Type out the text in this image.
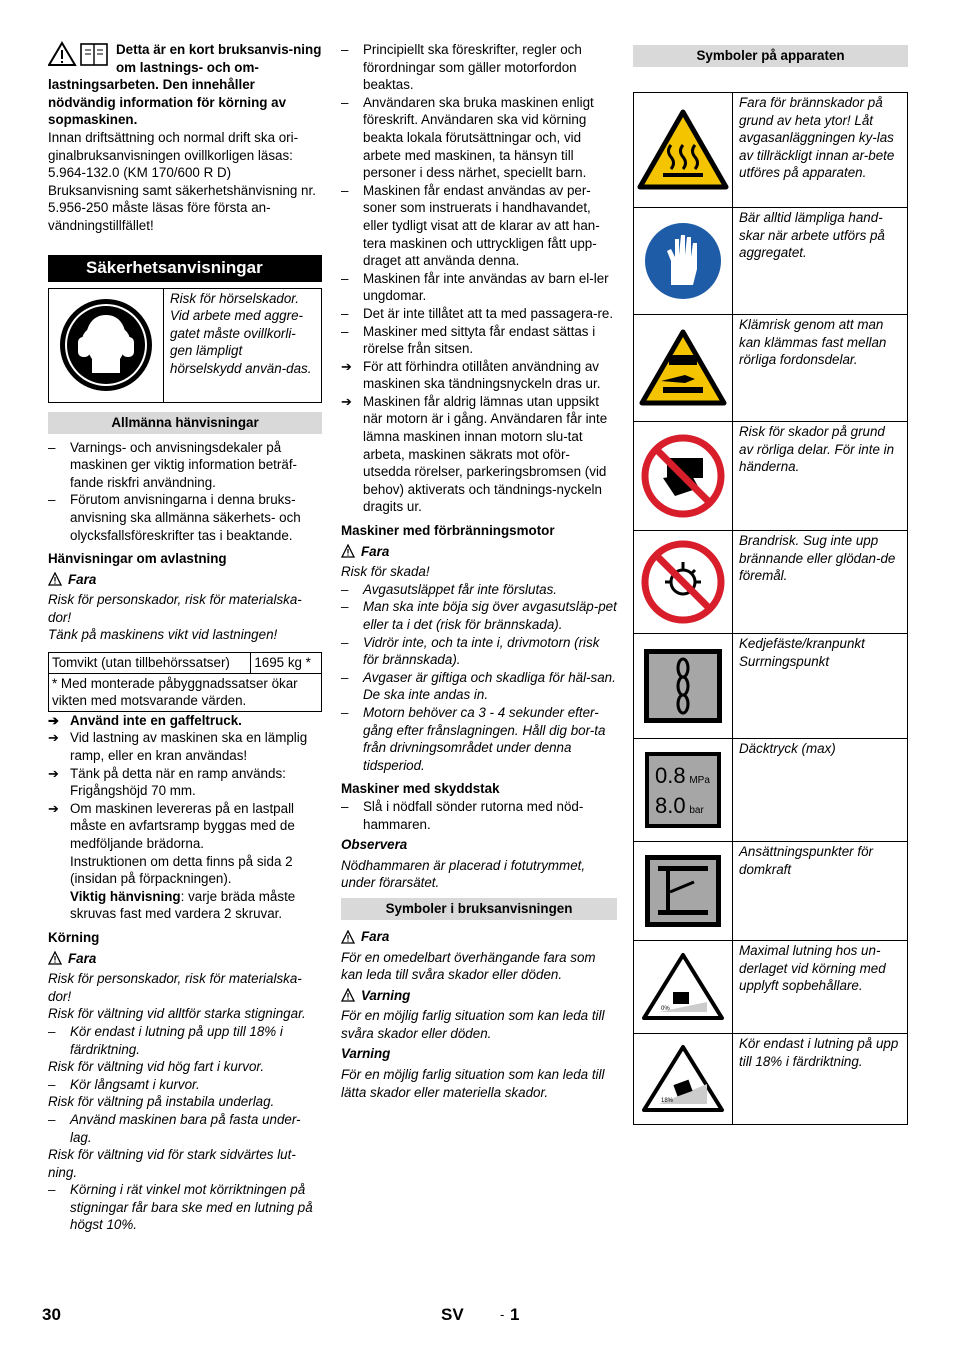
Detta är en kort bruksanvis-ning om lastnings- och om-lastningsarbeten. Den innehåller nödvändig information för körning av sopmaskinen.

Innan driftsättning och normal drift ska ori-ginalbruksanvisningen ovillkorligen läsas: 5.964-132.0 (KM 170/600 R D)

Bruksanvisning samt säkerhetshänvisning nr. 5.956-250 måste läsas före första an-vändningstillfället!

Säkerhetsanvisningar
Risk för hörselskador. Vid arbete med aggre-gatet måste ovillkorli-gen lämpligt hörselskydd använ-das.
Allmänna hänvisningar
– Varnings- och anvisningsdekaler på maskinen ger viktig information beträf-fande riskfri användning.
– Förutom anvisningarna i denna bruks-anvisning ska allmänna säkerhets- och olycksfallsföreskrifter tas i beaktande.

Hänvisningar om avlastning

Fara

Risk för personskador, risk för materialska-dor!

Tänk på maskinens vikt vid lastningen!

Tomvikt (utan tillbehörssatser)	1695 kg *
* Med monterade påbyggnadssatser ökar vikten med motsvarande värden.
➔ Använd inte en gaffeltruck.
➔ Vid lastning av maskinen ska en lämplig ramp, eller en kran användas!
➔ Tänk på detta när en ramp används: Frigångshöjd 70 mm.
➔ Om maskinen levereras på en lastpall måste en avfartsramp byggas med de medföljande brädorna.

Instruktionen om detta finns på sida 2 (insidan på förpackningen).

Viktig hänvisning: varje bräda måste skruvas fast med vardera 2 skruvar.

Körning

Fara

Risk för personskador, risk för materialska-dor!

Risk för vältning vid alltför starka stigningar.

– Kör endast i lutning på upp till 18% i färdriktning.

Risk för vältning vid hög fart i kurvor.

– Kör långsamt i kurvor.

Risk för vältning på instabila underlag.

– Använd maskinen bara på fasta under-lag.

Risk för vältning vid för stark sidvärtes lut-ning.

– Körning i rät vinkel mot körriktningen på stigningar får bara ske med en lutning på högst 10%.
– Principiellt ska föreskrifter, regler och förordningar som gäller motorfordon beaktas.
– Användaren ska bruka maskinen enligt föreskrift. Användaren ska vid körning beakta lokala förutsättningar och, vid arbete med maskinen, ta hänsyn till personer i dess närhet, speciellt barn.
– Maskinen får endast användas av per-soner som instruerats i handhavandet, eller tydligt visat att de klarar av att han-tera maskinen och uttryckligen fått upp-draget att använda denna.
– Maskinen får inte användas av barn el-ler ungdomar.
– Det är inte tillåtet att ta med passagera-re.
– Maskiner med sittyta får endast sättas i rörelse från sitsen.
➔ För att förhindra otillåten användning av maskinen ska tändningsnyckeln dras ur.
➔ Maskinen får aldrig lämnas utan uppsikt när motorn är i gång. Användaren får inte lämna maskinen innan motorn slu-tat arbeta, maskinen säkrats mot oför-utsedda rörelser, parkeringsbromsen (vid behov) aktiverats och tändnings-nyckeln dragits ur.

Maskiner med förbränningsmotor

Fara

Risk för skada!

– Avgasutsläppet får inte förslutas.
– Man ska inte böja sig över avgasutsläp-pet eller ta i det (risk för brännskada).
– Vidrör inte, och ta inte i, drivmotorn (risk för brännskada).
– Avgaser är giftiga och skadliga för häl-san. De ska inte andas in.
– Motorn behöver ca 3 - 4 sekunder efter-gång efter frånslagningen. Håll dig bor-ta från drivningsområdet under denna tidsperiod.

Maskiner med skyddstak

– Slå i nödfall sönder rutorna med nöd-hammaren.

Observera

Nödhammaren är placerad i fotutrymmet, under förarsätet.

Symboler i bruksanvisningen
Fara

För en omedelbart överhängande fara som kan leda till svåra skador eller döden.

Varning

För en möjlig farlig situation som kan leda till svåra skador eller döden.

Varning

För en möjlig farlig situation som kan leda till lätta skador eller materiella skador.

Symboler på apparaten
Fara för brännskador på grund av heta ytor! Låt avgasanläggningen ky-las av tillräckligt innan ar-bete utföres på apparaten.
Bär alltid lämpliga hand-skar när arbete utförs på aggregatet.
Klämrisk genom att man kan klämmas fast mellan rörliga fordonsdelar.
Risk för skador på grund av rörliga delar. För inte in händerna.
Brandrisk. Sug inte upp brännande eller glödan-de föremål.
Kedjefäste/kranpunkt Surrningspunkt
0.8 MPa
8.0 bar
Däcktryck (max)
Ansättningspunkter för domkraft
0%
Maximal lutning hos un-derlaget vid körning med upplyft sopbehållare.
18%
Kör endast i lutning på upp till 18% i färdriktning.
30	SV	- 1
